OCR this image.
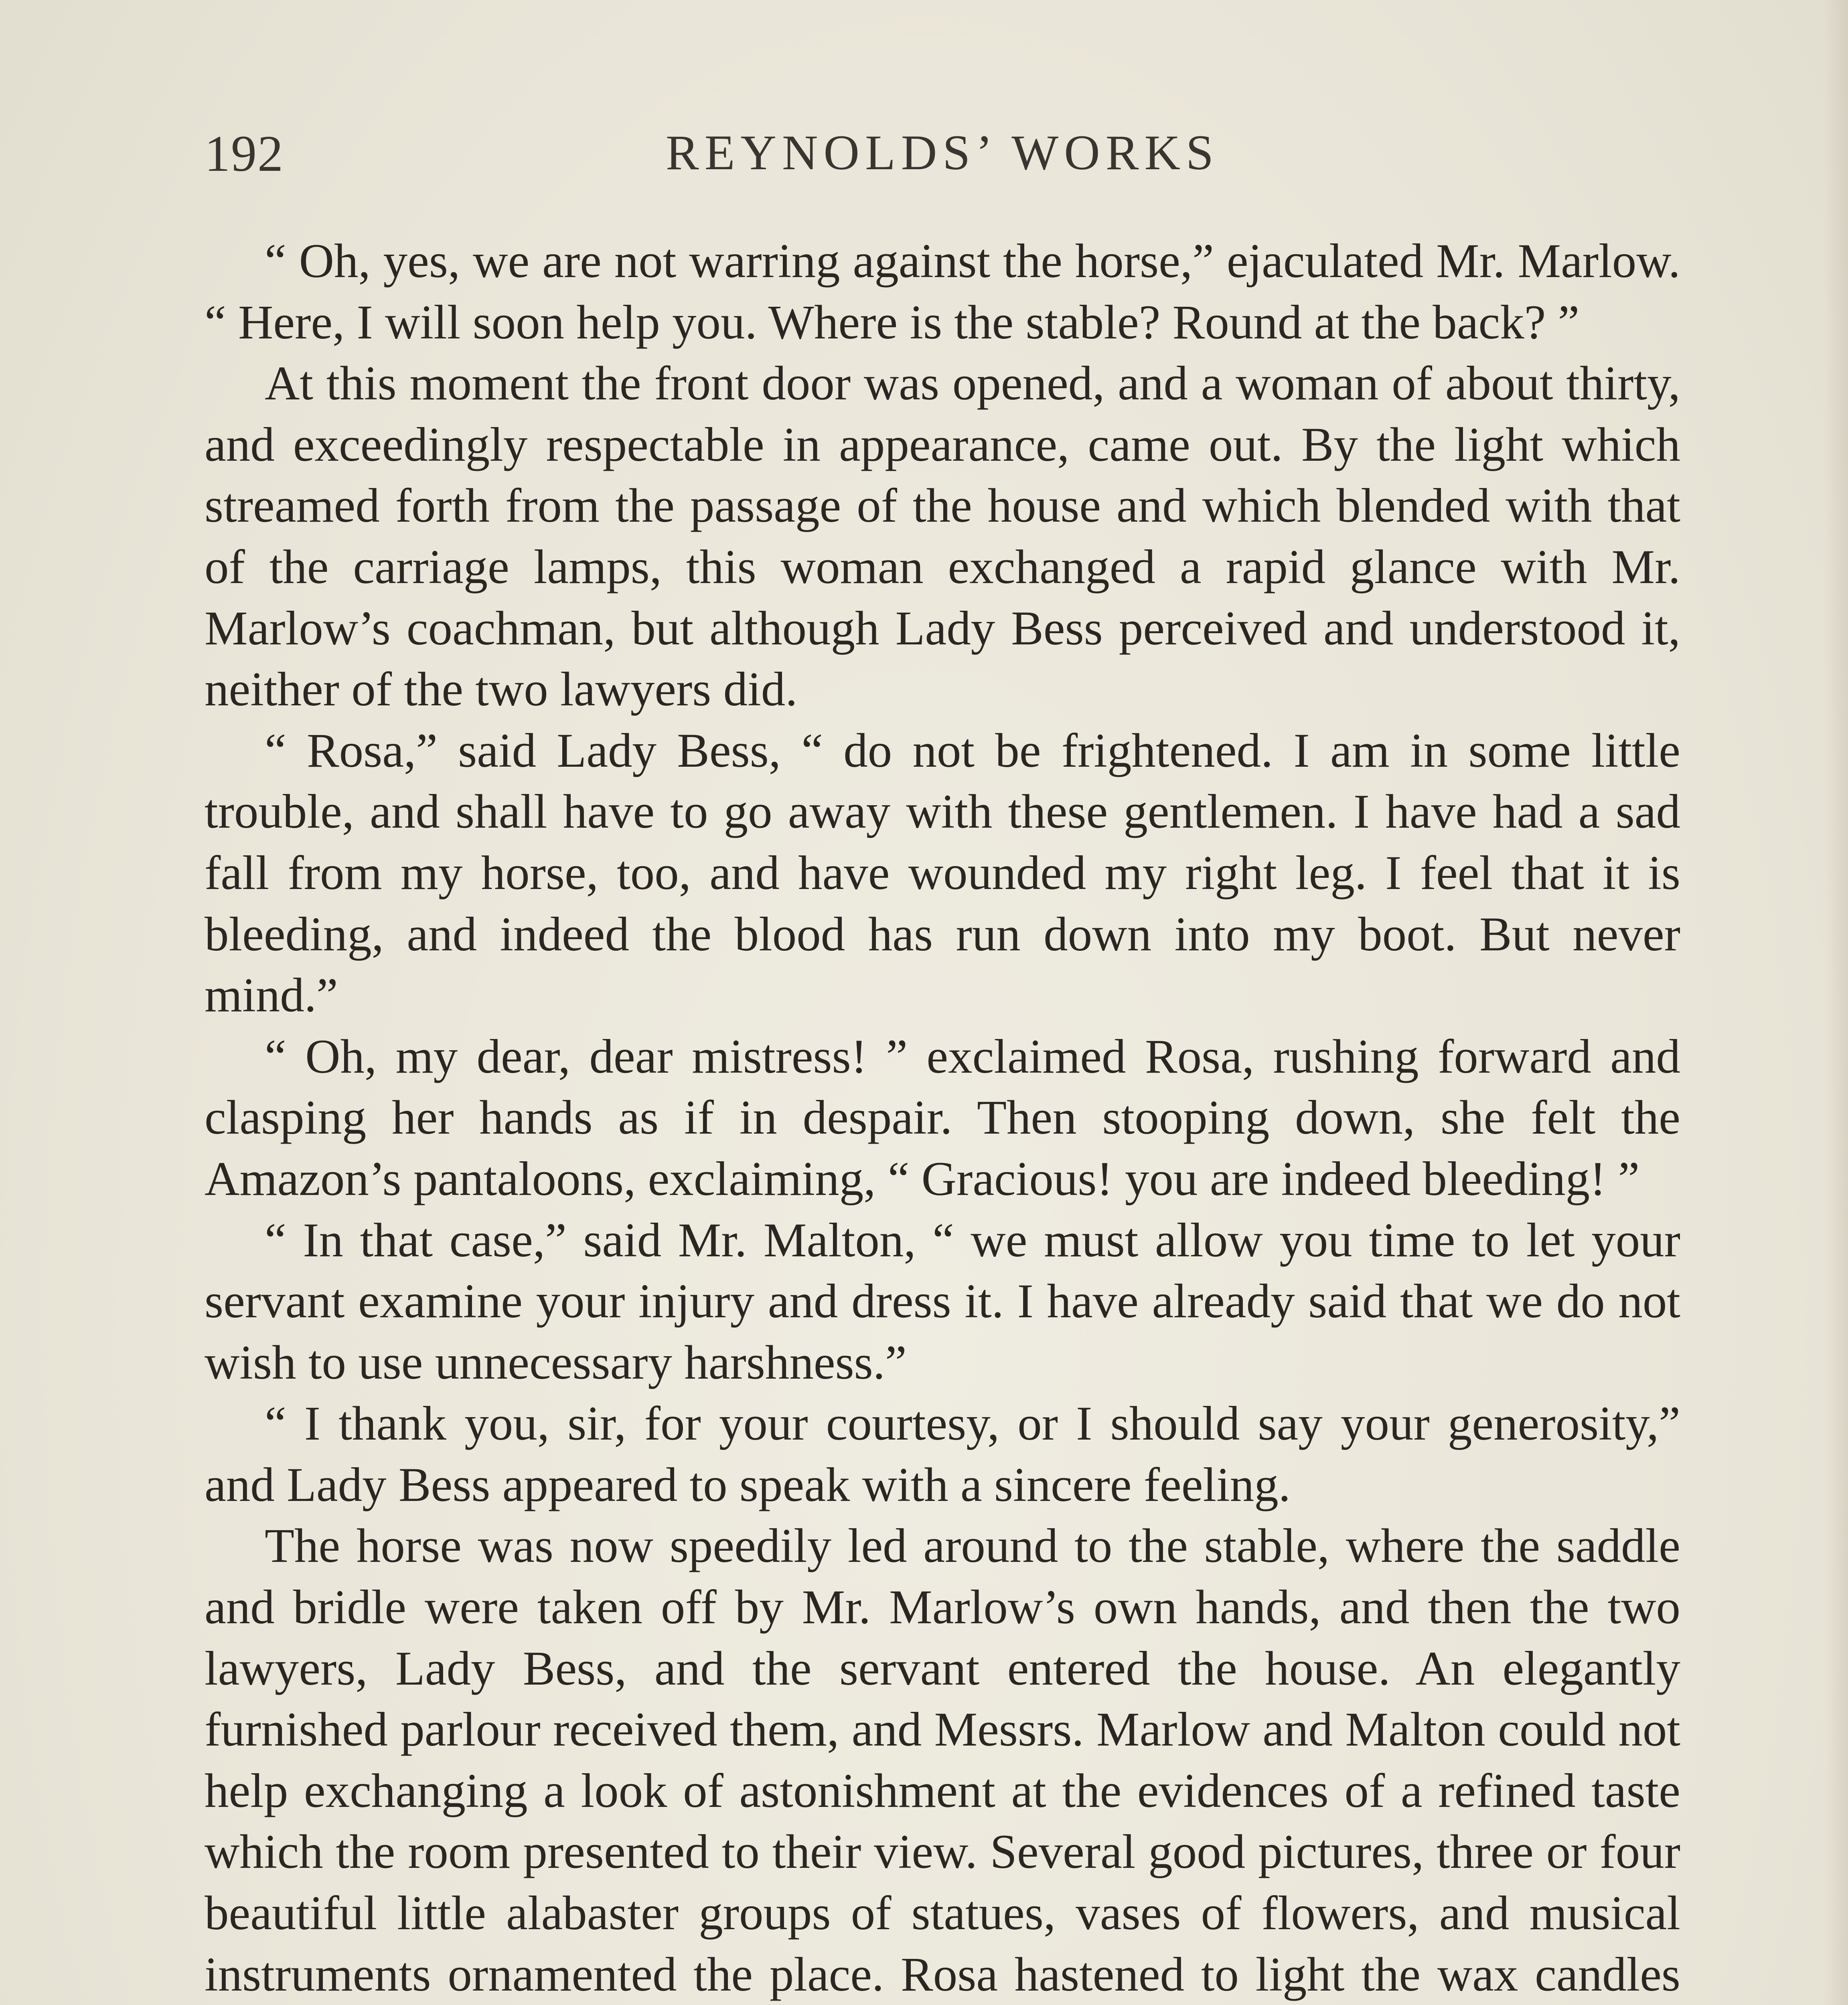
192	REYNOLDS’ WORKS

“ Oh, yes, we are not warring against the horse,” ejaculated Mr. Marlow. “ Here, I will soon help you. Where is the stable? Round at the back? ”

At this moment the front door was opened, and a woman of about thirty, and exceedingly respectable in appearance, came out. By the light which streamed forth from the passage of the house and which blended with that of the carriage lamps, this woman exchanged a rapid glance with Mr. Marlow’s coachman, but although Lady Bess perceived and understood it, neither of the two lawyers did.

“ Rosa,” said Lady Bess, “ do not be frightened. I am in some little trouble, and shall have to go away with these gentlemen. I have had a sad fall from my horse, too, and have wounded my right leg. I feel that it is bleeding, and indeed the blood has run down into my boot. But never mind.”

“ Oh, my dear, dear mistress! ” exclaimed Rosa, rushing forward and clasping her hands as if in despair. Then stooping down, she felt the Amazon’s pantaloons, exclaiming, “ Gracious! you are indeed bleeding! ”

“ In that case,” said Mr. Malton, “ we must allow you time to let your servant examine your injury and dress it. I have already said that we do not wish to use unnecessary harshness.”

“ I thank you, sir, for your courtesy, or I should say your generosity,” and Lady Bess appeared to speak with a sincere feeling.

The horse was now speedily led around to the stable, where the saddle and bridle were taken off by Mr. Marlow’s own hands, and then the two lawyers, Lady Bess, and the servant entered the house. An elegantly furnished parlour received them, and Messrs. Marlow and Malton could not help exchanging a look of astonishment at the evidences of a refined taste which the room presented to their view. Several good pictures, three or four beautiful little alabaster groups of statues, vases of flowers, and musical instruments ornamented the place. Rosa hastened to light the wax candles
